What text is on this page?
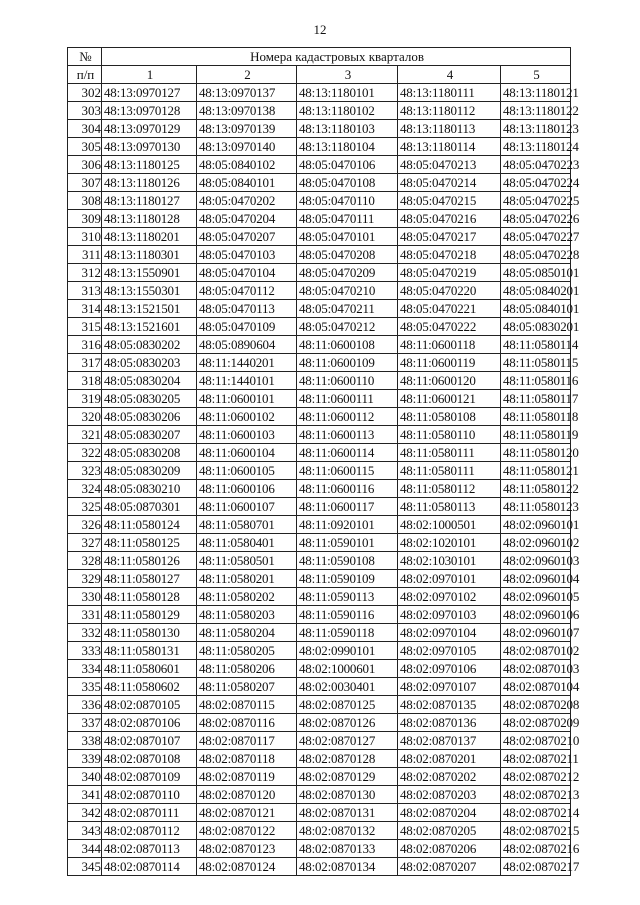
12
№	Номера кадастровых кварталов				
п/п	1	2	3	4	5
302	48:13:0970127	48:13:0970137	48:13:1180101	48:13:1180111	48:13:1180121
303	48:13:0970128	48:13:0970138	48:13:1180102	48:13:1180112	48:13:1180122
304	48:13:0970129	48:13:0970139	48:13:1180103	48:13:1180113	48:13:1180123
305	48:13:0970130	48:13:0970140	48:13:1180104	48:13:1180114	48:13:1180124
306	48:13:1180125	48:05:0840102	48:05:0470106	48:05:0470213	48:05:0470223
307	48:13:1180126	48:05:0840101	48:05:0470108	48:05:0470214	48:05:0470224
308	48:13:1180127	48:05:0470202	48:05:0470110	48:05:0470215	48:05:0470225
309	48:13:1180128	48:05:0470204	48:05:0470111	48:05:0470216	48:05:0470226
310	48:13:1180201	48:05:0470207	48:05:0470101	48:05:0470217	48:05:0470227
311	48:13:1180301	48:05:0470103	48:05:0470208	48:05:0470218	48:05:0470228
312	48:13:1550901	48:05:0470104	48:05:0470209	48:05:0470219	48:05:0850101
313	48:13:1550301	48:05:0470112	48:05:0470210	48:05:0470220	48:05:0840201
314	48:13:1521501	48:05:0470113	48:05:0470211	48:05:0470221	48:05:0840101
315	48:13:1521601	48:05:0470109	48:05:0470212	48:05:0470222	48:05:0830201
316	48:05:0830202	48:05:0890604	48:11:0600108	48:11:0600118	48:11:0580114
317	48:05:0830203	48:11:1440201	48:11:0600109	48:11:0600119	48:11:0580115
318	48:05:0830204	48:11:1440101	48:11:0600110	48:11:0600120	48:11:0580116
319	48:05:0830205	48:11:0600101	48:11:0600111	48:11:0600121	48:11:0580117
320	48:05:0830206	48:11:0600102	48:11:0600112	48:11:0580108	48:11:0580118
321	48:05:0830207	48:11:0600103	48:11:0600113	48:11:0580110	48:11:0580119
322	48:05:0830208	48:11:0600104	48:11:0600114	48:11:0580111	48:11:0580120
323	48:05:0830209	48:11:0600105	48:11:0600115	48:11:0580111	48:11:0580121
324	48:05:0830210	48:11:0600106	48:11:0600116	48:11:0580112	48:11:0580122
325	48:05:0870301	48:11:0600107	48:11:0600117	48:11:0580113	48:11:0580123
326	48:11:0580124	48:11:0580701	48:11:0920101	48:02:1000501	48:02:0960101
327	48:11:0580125	48:11:0580401	48:11:0590101	48:02:1020101	48:02:0960102
328	48:11:0580126	48:11:0580501	48:11:0590108	48:02:1030101	48:02:0960103
329	48:11:0580127	48:11:0580201	48:11:0590109	48:02:0970101	48:02:0960104
330	48:11:0580128	48:11:0580202	48:11:0590113	48:02:0970102	48:02:0960105
331	48:11:0580129	48:11:0580203	48:11:0590116	48:02:0970103	48:02:0960106
332	48:11:0580130	48:11:0580204	48:11:0590118	48:02:0970104	48:02:0960107
333	48:11:0580131	48:11:0580205	48:02:0990101	48:02:0970105	48:02:0870102
334	48:11:0580601	48:11:0580206	48:02:1000601	48:02:0970106	48:02:0870103
335	48:11:0580602	48:11:0580207	48:02:0030401	48:02:0970107	48:02:0870104
336	48:02:0870105	48:02:0870115	48:02:0870125	48:02:0870135	48:02:0870208
337	48:02:0870106	48:02:0870116	48:02:0870126	48:02:0870136	48:02:0870209
338	48:02:0870107	48:02:0870117	48:02:0870127	48:02:0870137	48:02:0870210
339	48:02:0870108	48:02:0870118	48:02:0870128	48:02:0870201	48:02:0870211
340	48:02:0870109	48:02:0870119	48:02:0870129	48:02:0870202	48:02:0870212
341	48:02:0870110	48:02:0870120	48:02:0870130	48:02:0870203	48:02:0870213
342	48:02:0870111	48:02:0870121	48:02:0870131	48:02:0870204	48:02:0870214
343	48:02:0870112	48:02:0870122	48:02:0870132	48:02:0870205	48:02:0870215
344	48:02:0870113	48:02:0870123	48:02:0870133	48:02:0870206	48:02:0870216
345	48:02:0870114	48:02:0870124	48:02:0870134	48:02:0870207	48:02:0870217
